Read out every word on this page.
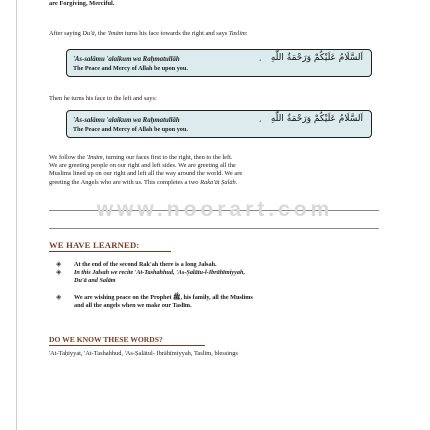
are Forgiving, Merciful.
After saying Du'ā, the 'Imām turns his face towards the right and says Taslīm:
'As-salāmu 'alaikum wa Raḥmatullāh
The Peace and Mercy of Allah be upon you.
، اَلسَّلَامُ عَلَيْكُمْ وَرَحْمَةُ اللّٰهِ
Then he turns his face to the left and says:
'As-salāmu 'alaikum wa Raḥmatullāh
The Peace and Mercy of Allah be upon you.
، اَلسَّلَامُ عَلَيْكُمْ وَرَحْمَةُ اللّٰهِ
We follow the 'Imām, turning our faces first to the right, then to the left.
We are greeting people on our right and left sides. We are greeting all the
Muslims lined up on our right and left all the way around the world. We are
greeting the Angels who are with us. This completes a two Raka'āt Ṣalāh.
www.noorart.com
WE HAVE LEARNED:
◈ At the end of the second Rak'ah there is a long Jalsah.
◈ In this Jalsah we recite 'At-Tashahhud, 'As-Ṣalātu-l-Ibrāhīmiyyah,
Du'ā and Salām
◈ We are wishing peace on the Prophet ﷺ, his family, all the Muslims
and all the angels when we make our Taslīm.
DO WE KNOW THESE WORDS?
'At-Taḥiyyat, 'At-Tashahhud, 'As-Ṣalātul- Ibrāhīmiyyah, Taslīm, blessings
